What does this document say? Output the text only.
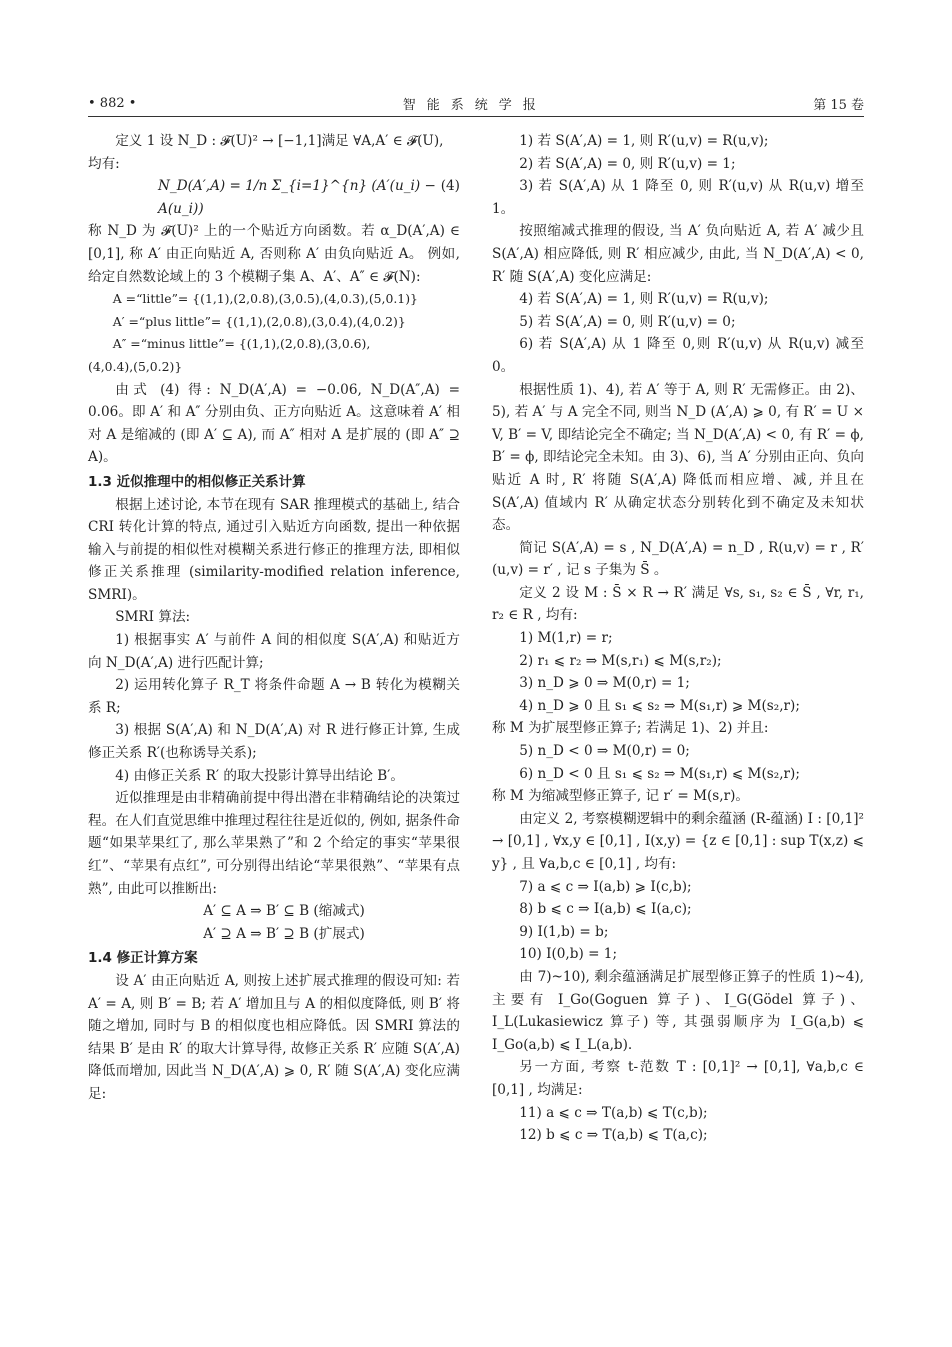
• 882 •	智能系统学报	第 15 卷

定义 1 设 N_D : 𝓕(U)² → [−1,1]满足 ∀A,A′ ∈ 𝓕(U),

均有:

N_D(A′,A) = 1/n Σ_{i=1}^{n} (A′(u_i) − A(u_i))
(4)

称 N_D 为 𝓕(U)² 上的一个贴近方向函数。若 α_D(A′,A) ∈ [0,1], 称 A′ 由正向贴近 A, 否则称 A′ 由负向贴近 A。 例如, 给定自然数论域上的 3 个模糊子集 A、A′、A″ ∈ 𝓕(N):

A =“little”= {(1,1),(2,0.8),(3,0.5),(4,0.3),(5,0.1)}

A′ =“plus little”= {(1,1),(2,0.8),(3,0.4),(4,0.2)}

A″ =“minus little”= {(1,1),(2,0.8),(3,0.6),

(4,0.4),(5,0.2)}

由式 (4) 得: N_D(A′,A) = −0.06, N_D(A″,A) = 0.06。即 A′ 和 A″ 分别由负、正方向贴近 A。这意味着 A′ 相对 A 是缩减的 (即 A′ ⊆ A), 而 A″ 相对 A 是扩展的 (即 A″ ⊇ A)。

1.3 近似推理中的相似修正关系计算

根据上述讨论, 本节在现有 SAR 推理模式的基础上, 结合 CRI 转化计算的特点, 通过引入贴近方向函数, 提出一种依据输入与前提的相似性对模糊关系进行修正的推理方法, 即相似修正关系推理 (similarity-modified relation inference, SMRI)。

SMRI 算法:

1) 根据事实 A′ 与前件 A 间的相似度 S(A′,A) 和贴近方向 N_D(A′,A) 进行匹配计算;

2) 运用转化算子 R_T 将条件命题 A → B 转化为模糊关系 R;

3) 根据 S(A′,A) 和 N_D(A′,A) 对 R 进行修正计算, 生成修正关系 R′(也称诱导关系);

4) 由修正关系 R′ 的取大投影计算导出结论 B′。

近似推理是由非精确前提中得出潜在非精确结论的决策过程。在人们直觉思维中推理过程往往是近似的, 例如, 据条件命题“如果苹果红了, 那么苹果熟了”和 2 个给定的事实“苹果很红”、“苹果有点红”, 可分别得出结论“苹果很熟”、“苹果有点熟”, 由此可以推断出:

A′ ⊆ A ⇒ B′ ⊆ B (缩减式)

A′ ⊇ A ⇒ B′ ⊇ B (扩展式)

1.4 修正计算方案

设 A′ 由正向贴近 A, 则按上述扩展式推理的假设可知: 若 A′ = A, 则 B′ = B; 若 A′ 增加且与 A 的相似度降低, 则 B′ 将随之增加, 同时与 B 的相似度也相应降低。因 SMRI 算法的结果 B′ 是由 R′ 的取大计算导得, 故修正关系 R′ 应随 S(A′,A) 降低而增加, 因此当 N_D(A′,A) ⩾ 0, R′ 随 S(A′,A) 变化应满足:

1) 若 S(A′,A) = 1, 则 R′(u,v) = R(u,v);

2) 若 S(A′,A) = 0, 则 R′(u,v) = 1;

3) 若 S(A′,A) 从 1 降至 0, 则 R′(u,v) 从 R(u,v) 增至 1。

按照缩减式推理的假设, 当 A′ 负向贴近 A, 若 A′ 减少且 S(A′,A) 相应降低, 则 R′ 相应减少, 由此, 当 N_D(A′,A) < 0, R′ 随 S(A′,A) 变化应满足:

4) 若 S(A′,A) = 1, 则 R′(u,v) = R(u,v);

5) 若 S(A′,A) = 0, 则 R′(u,v) = 0;

6) 若 S(A′,A) 从 1 降至 0,则 R′(u,v) 从 R(u,v) 减至 0。

根据性质 1)、4), 若 A′ 等于 A, 则 R′ 无需修正。由 2)、5), 若 A′ 与 A 完全不同, 则当 N_D (A′,A) ⩾ 0, 有 R′ = U × V, B′ = V, 即结论完全不确定; 当 N_D(A′,A) < 0, 有 R′ = ϕ, B′ = ϕ, 即结论完全未知。由 3)、6), 当 A′ 分别由正向、负向贴近 A 时, R′ 将随 S(A′,A) 降低而相应增、减, 并且在 S(A′,A) 值域内 R′ 从确定状态分别转化到不确定及未知状态。

简记 S(A′,A) = s , N_D(A′,A) = n_D , R(u,v) = r , R′(u,v) = r′ , 记 s 子集为 S̄ 。

定义 2 设 M : S̄ × R → R′ 满足 ∀s, s₁, s₂ ∈ S̄ , ∀r, r₁, r₂ ∈ R , 均有:

1) M(1,r) = r;

2) r₁ ⩽ r₂ ⇒ M(s,r₁) ⩽ M(s,r₂);

3) n_D ⩾ 0 ⇒ M(0,r) = 1;

4) n_D ⩾ 0 且 s₁ ⩽ s₂ ⇒ M(s₁,r) ⩾ M(s₂,r);

称 M 为扩展型修正算子; 若满足 1)、2) 并且:

5) n_D < 0 ⇒ M(0,r) = 0;

6) n_D < 0 且 s₁ ⩽ s₂ ⇒ M(s₁,r) ⩽ M(s₂,r);

称 M 为缩减型修正算子, 记 r′ = M(s,r)。

由定义 2, 考察模糊逻辑中的剩余蕴涵 (R-蕴涵) I : [0,1]² → [0,1] , ∀x,y ∈ [0,1] , I(x,y) = {z ∈ [0,1] : sup T(x,z) ⩽ y} , 且 ∀a,b,c ∈ [0,1] , 均有:

7) a ⩽ c ⇒ I(a,b) ⩾ I(c,b);

8) b ⩽ c ⇒ I(a,b) ⩽ I(a,c);

9) I(1,b) = b;

10) I(0,b) = 1;

由 7)~10), 剩余蕴涵满足扩展型修正算子的性质 1)~4), 主要有 I_Go(Goguen 算子)、I_G(Gödel 算子)、I_L(Lukasiewicz 算子) 等, 其强弱顺序为 I_G(a,b) ⩽ I_Go(a,b) ⩽ I_L(a,b).

另一方面, 考察 t-范数 T : [0,1]² → [0,1], ∀a,b,c ∈ [0,1] , 均满足:

11) a ⩽ c ⇒ T(a,b) ⩽ T(c,b);

12) b ⩽ c ⇒ T(a,b) ⩽ T(a,c);
